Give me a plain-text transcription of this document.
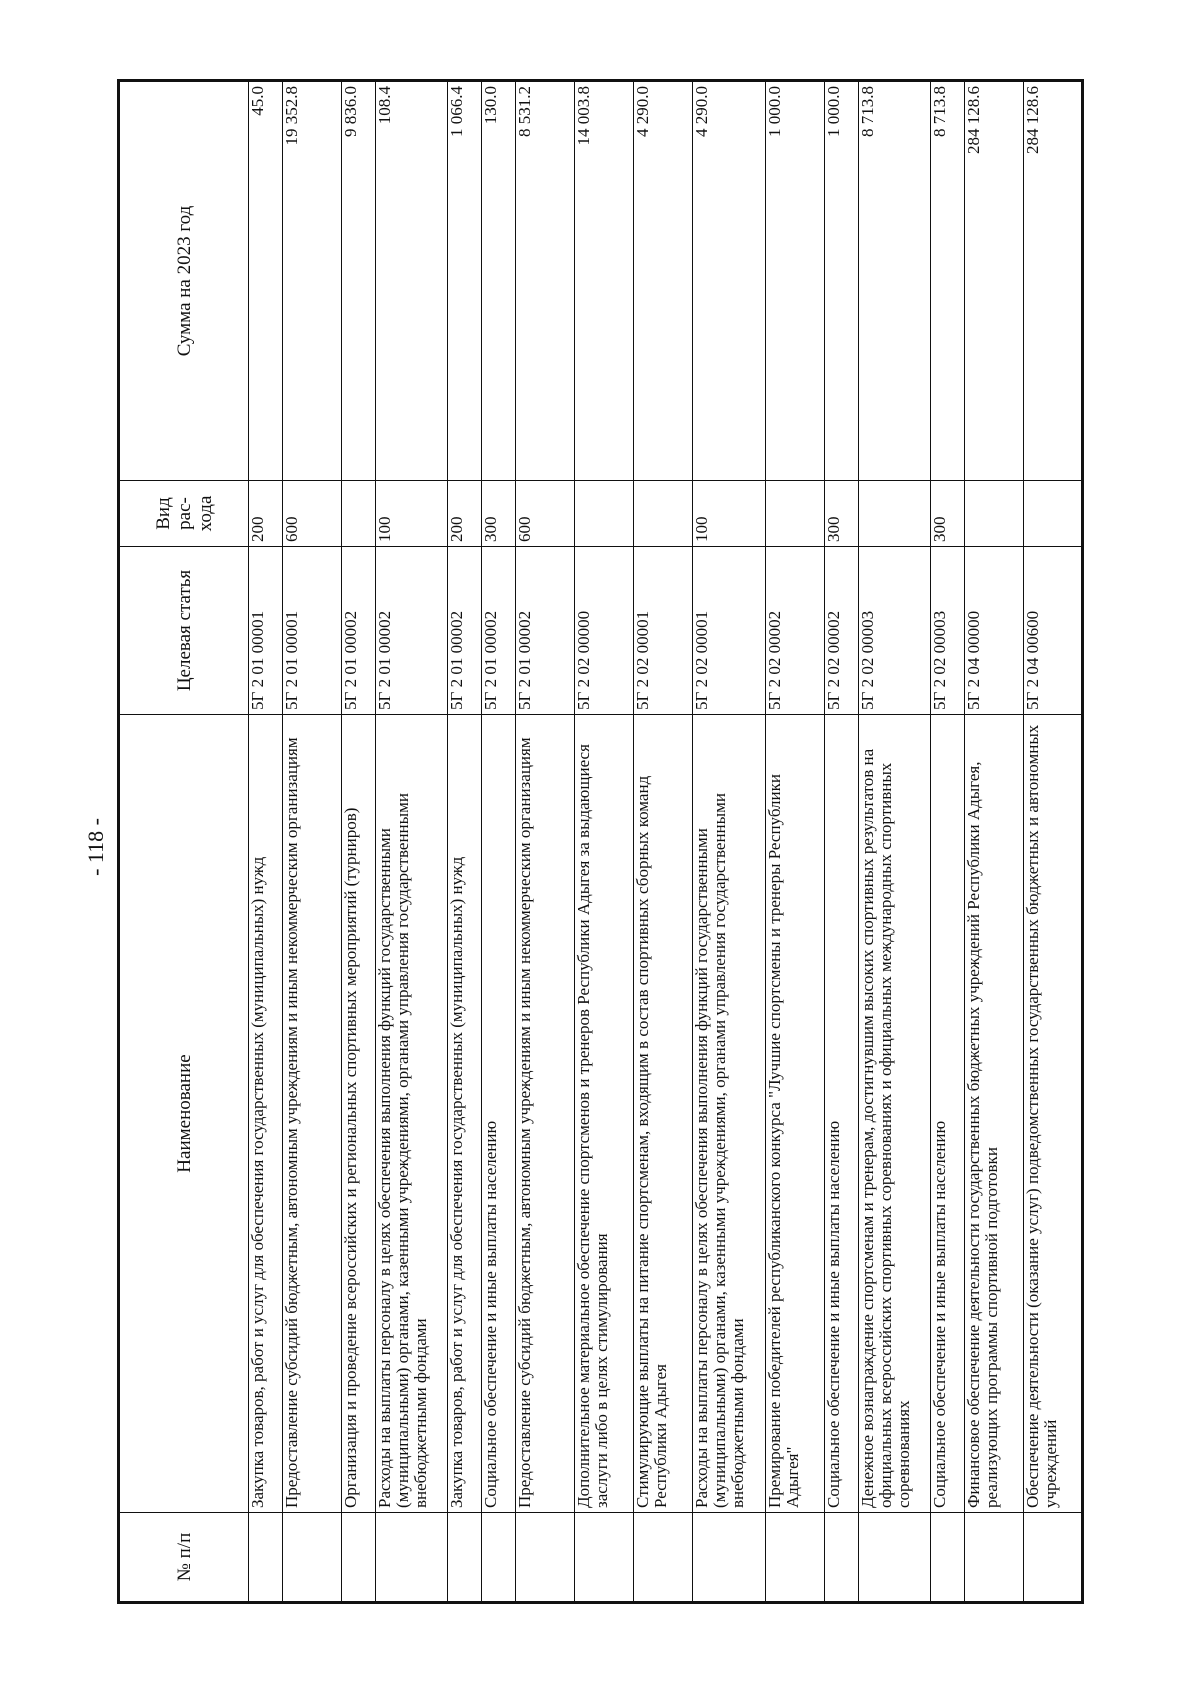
- 118 -
№ п/п	Наименование	Целевая статья	Вид рас-хода	Сумма на 2023 год
	Закупка товаров, работ и услуг для обеспечения государственных (муниципальных) нужд	5Г 2 01 00001	200	45.0
	Предоставление субсидий бюджетным, автономным учреждениям и иным некоммерческим организациям	5Г 2 01 00001	600	19 352.8
	Организация и проведение всероссийских и региональных спортивных мероприятий (турниров)	5Г 2 01 00002		9 836.0
	Расходы на выплаты персоналу в целях обеспечения выполнения функций государственными (муниципальными) органами, казенными учреждениями, органами управления государственными внебюджетными фондами	5Г 2 01 00002	100	108.4
	Закупка товаров, работ и услуг для обеспечения государственных (муниципальных) нужд	5Г 2 01 00002	200	1 066.4
	Социальное обеспечение и иные выплаты населению	5Г 2 01 00002	300	130.0
	Предоставление субсидий бюджетным, автономным учреждениям и иным некоммерческим организациям	5Г 2 01 00002	600	8 531.2
	Дополнительное материальное обеспечение спортсменов и тренеров Республики Адыгея за выдающиеся заслуги либо в целях стимулирования	5Г 2 02 00000		14 003.8
	Стимулирующие выплаты на питание спортсменам, входящим в состав спортивных сборных команд Республики Адыгея	5Г 2 02 00001		4 290.0
	Расходы на выплаты персоналу в целях обеспечения выполнения функций государственными (муниципальными) органами, казенными учреждениями, органами управления государственными внебюджетными фондами	5Г 2 02 00001	100	4 290.0
	Премирование победителей республиканского конкурса "Лучшие спортсмены и тренеры Республики Адыгея"	5Г 2 02 00002		1 000.0
	Социальное обеспечение и иные выплаты населению	5Г 2 02 00002	300	1 000.0
	Денежное вознаграждение спортсменам и тренерам, достигнувшим высоких спортивных результатов на официальных всероссийских спортивных соревнованиях и официальных международных спортивных соревнованиях	5Г 2 02 00003		8 713.8
	Социальное обеспечение и иные выплаты населению	5Г 2 02 00003	300	8 713.8
	Финансовое обеспечение деятельности государственных бюджетных учреждений Республики Адыгея, реализующих программы спортивной подготовки	5Г 2 04 00000		284 128.6
	Обеспечение деятельности (оказание услуг) подведомственных государственных бюджетных и автономных учреждений	5Г 2 04 00600		284 128.6
